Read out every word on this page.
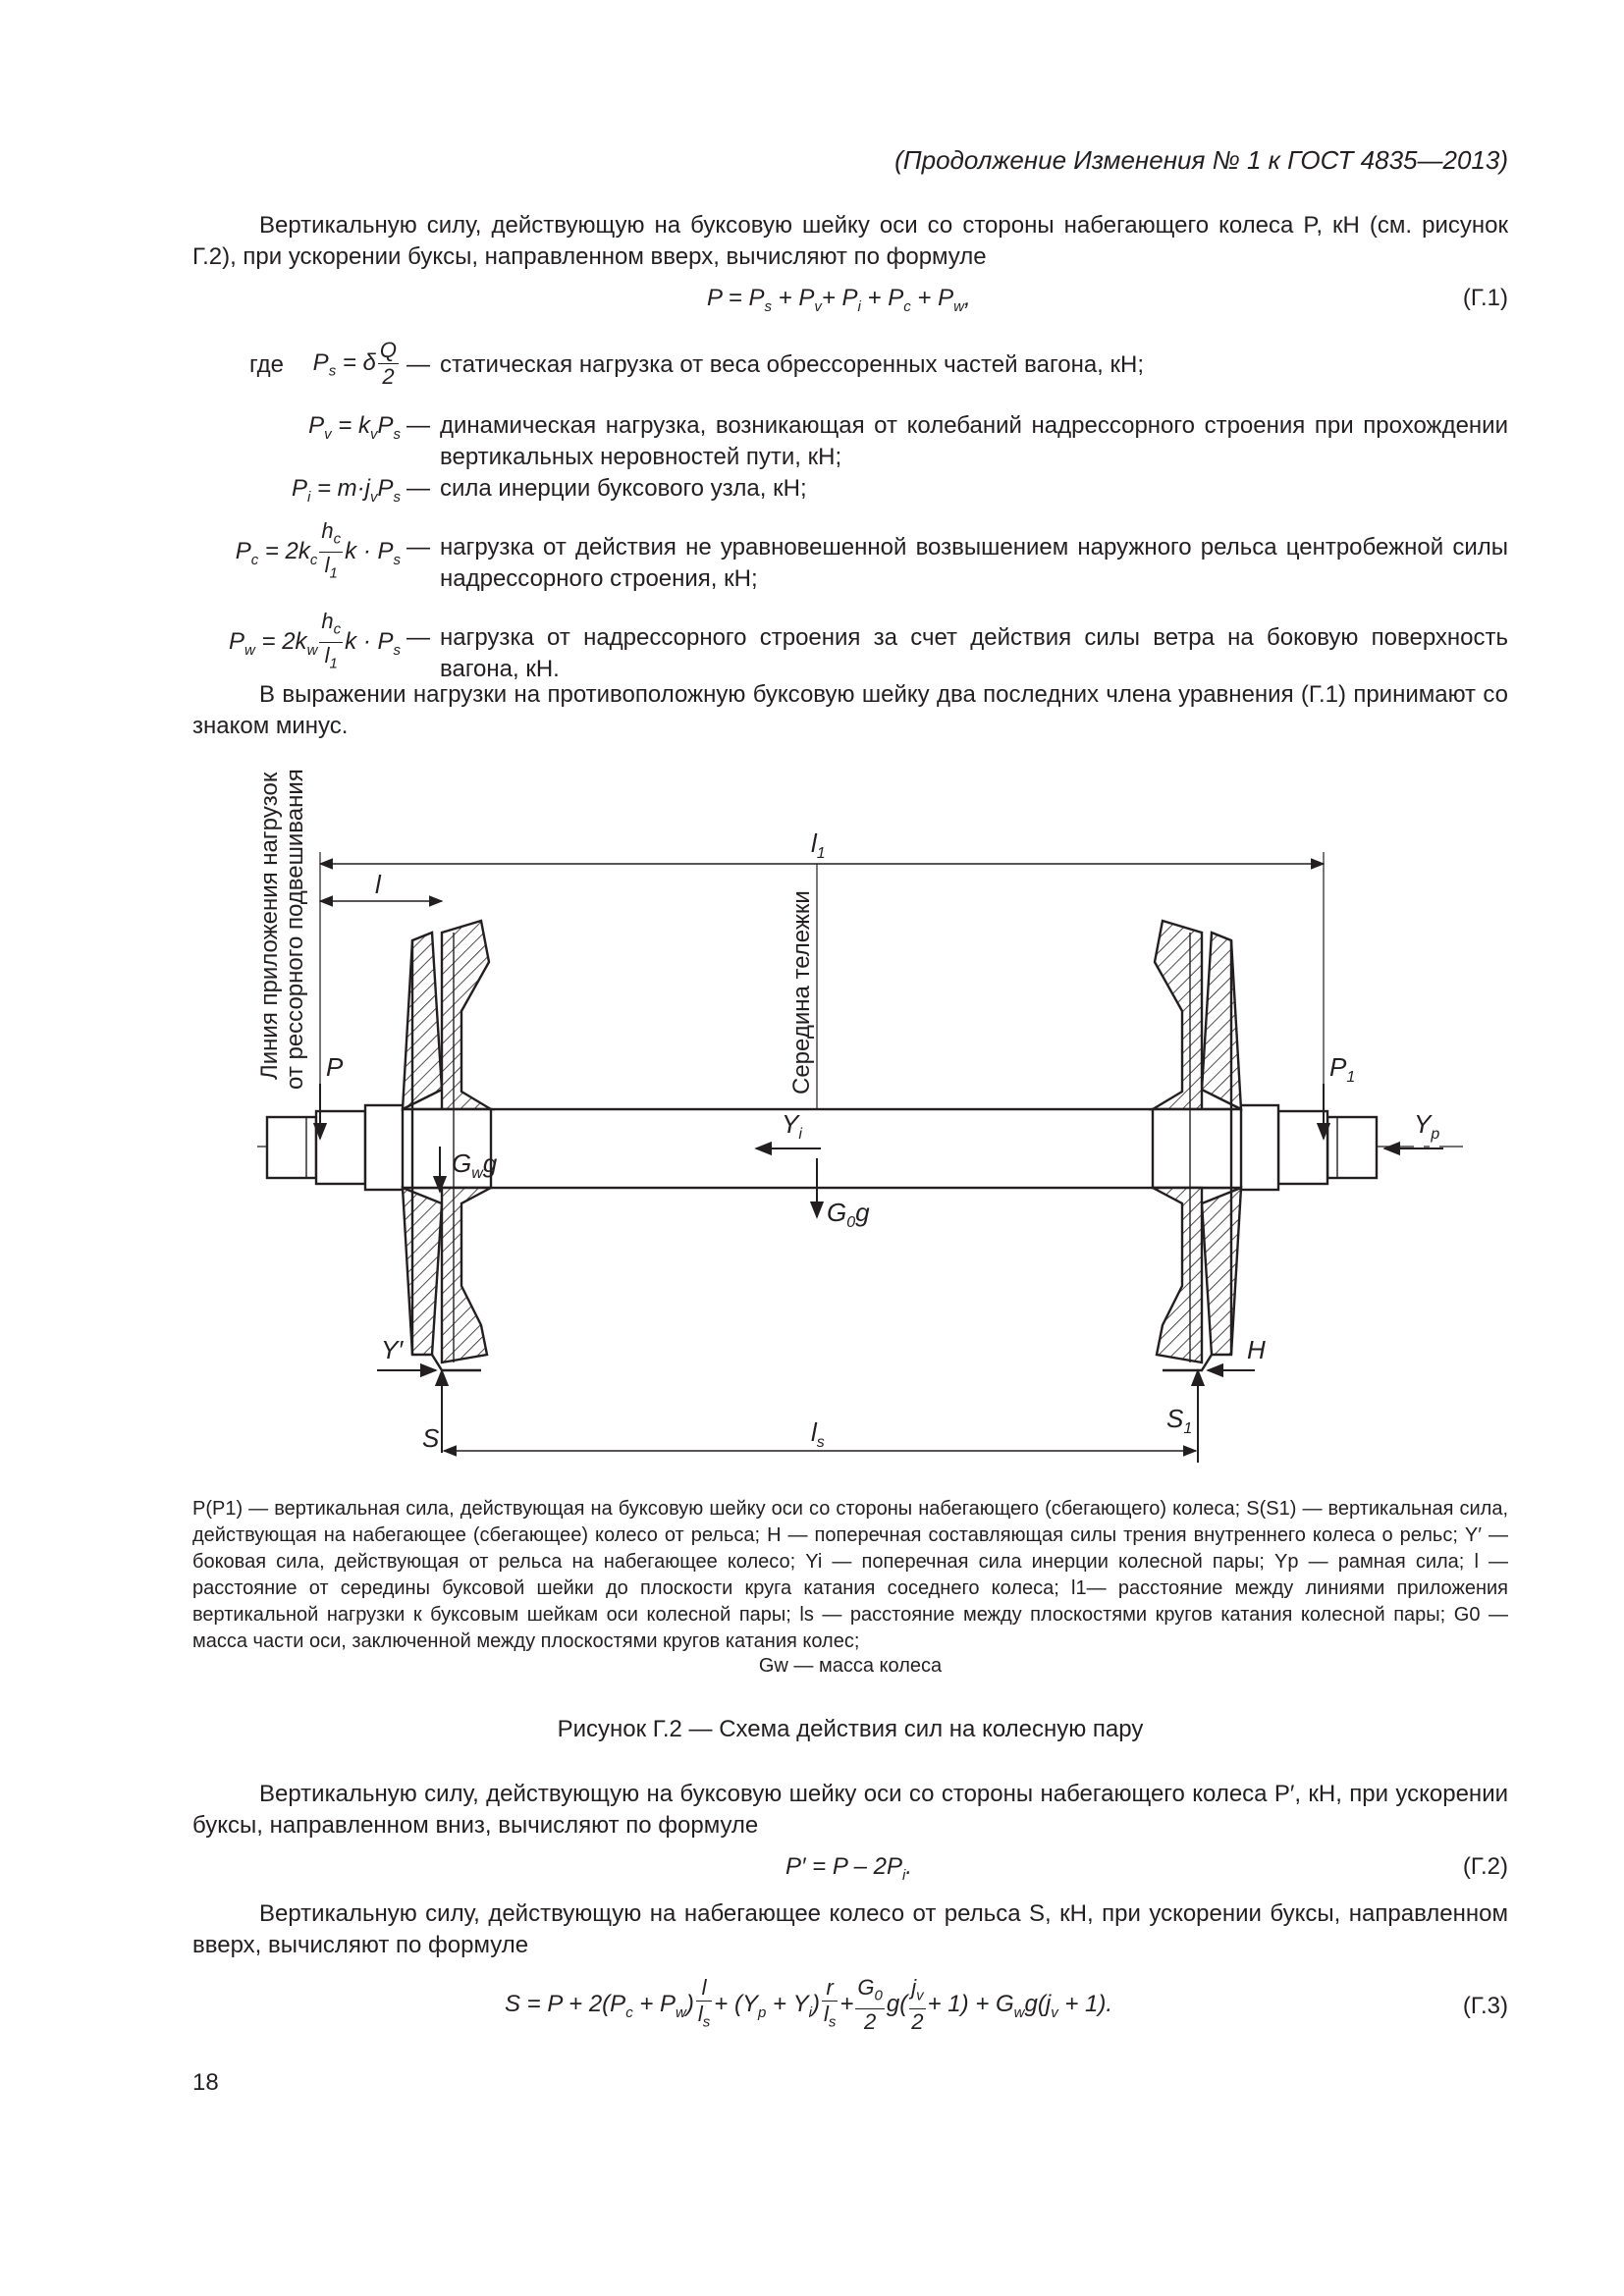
(Продолжение Изменения № 1 к ГОСТ 4835—2013)
Вертикальную силу, действующую на буксовую шейку оси со стороны набегающего колеса P, кН (см. рисунок Г.2), при ускорении буксы, направленном вверх, вычисляют по формуле
$P = P_s + P_v+ P_i + P_c + P_w$,	(Г.1)
где	$P_s = \delta \frac{Q}{2}$ — статическая нагрузка от веса обрессоренных частей вагона, кН;
$P_v = k_vP_s$ — динамическая нагрузка, возникающая от колебаний надрессорного строения при прохождении вертикальных неровностей пути, кН;
$P_i = m\cdot j_vP_s$ — сила инерции буксового узла, кН;
$P_c = 2k_c \frac{h_c}{l_1}$ $k \cdot P_s$ — нагрузка от действия не уравновешенной возвышением наружного рельса центробежной силы надрессорного строения, кН;
$P_w = 2k_w \frac{h_c}{l_1}$ $k \cdot P_s$ — нагрузка от надрессорного строения за счет действия силы ветра на боковую поверхность вагона, кН.
В выражении нагрузки на противоположную буксовую шейку два последних члена уравнения (Г.1) принимают со знаком минус.
Линия приложения нагрузок от рессорного подвешивания	Середина тележки
$l_1$
l
P	$P_1$
$Y_р$
$Y_i$
$G_wg$
$G_0g$
Y′	H
S
$S_1$
$l_s$
P(P1) — вертикальная сила, действующая на буксовую шейку оси со стороны набегающего (сбегающего) колеса; S(S1) — вертикальная сила, действующая на набегающее (сбегающее) колесо от рельса; H — поперечная составляющая силы трения внутреннего колеса о рельс; Y′ — боковая сила, действующая от рельса на набегающее колесо; Yi — поперечная сила инерции колесной пары; Yр — рамная сила; l — расстояние от середины буксовой шейки до плоскости круга катания соседнего колеса; l1— расстояние между линиями приложения вертикальной нагрузки к буксовым шейкам оси колесной пары; ls — расстояние между плоскостями кругов катания колесной пары; G0 — масса части оси, заключенной между плоскостями кругов катания колес;
Gw — масса колеса
Рисунок Г.2 — Схема действия сил на колесную пару
Вертикальную силу, действующую на буксовую шейку оси со стороны набегающего колеса P′, кН, при ускорении буксы, направленном вниз, вычисляют по формуле
$P' = P - 2P_i$.	(Г.2)
Вертикальную силу, действующую на набегающее колесо от рельса S, кН, при ускорении буксы, направленном вверх, вычисляют по формуле
$S = P + 2(P_c + P_w) \frac{l}{l_s} + (Y_р + Y_i) \frac{r}{l_s} + \frac{G_0}{2} g( \frac{j_v}{2} + 1) + G_wg(j_v + 1)$.	(Г.3)
18
